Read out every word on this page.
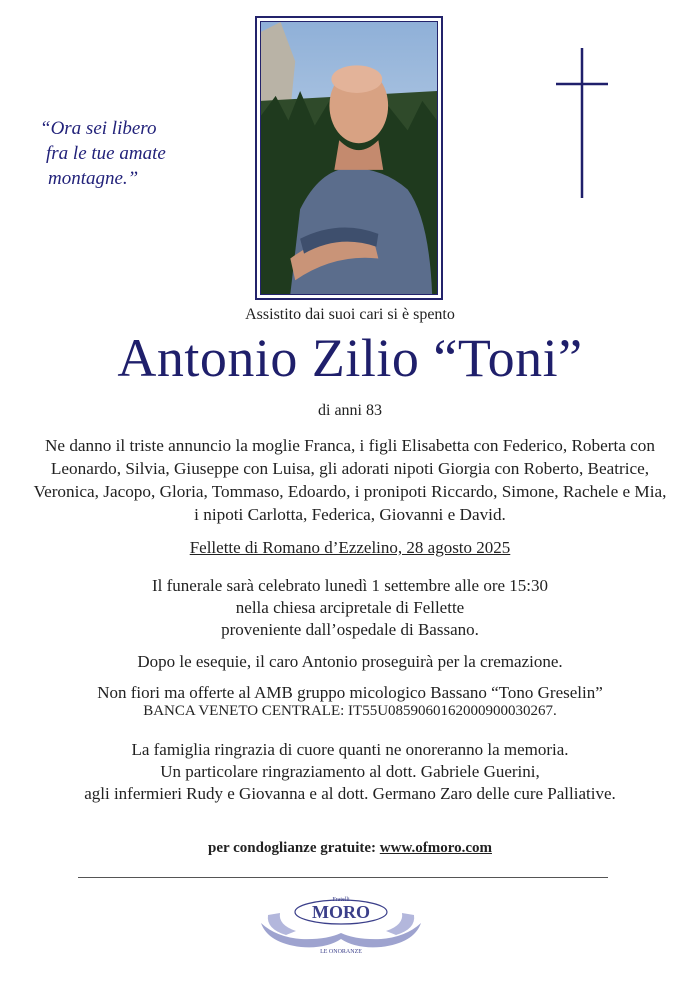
“Ora sei libero
fra le tue amate
montagne.”
Assistito dai suoi cari si è spento
Antonio Zilio “Toni”
di anni 83
Ne danno il triste annuncio la moglie Franca, i figli Elisabetta con Federico, Roberta con Leonardo, Silvia, Giuseppe con Luisa, gli adorati nipoti Giorgia con Roberto, Beatrice, Veronica, Jacopo, Gloria, Tommaso, Edoardo, i pronipoti Riccardo, Simone, Rachele e Mia, i nipoti Carlotta, Federica, Giovanni e David.
Fellette di Romano d’Ezzelino, 28 agosto 2025
Il funerale sarà celebrato lunedì 1 settembre alle ore 15:30
nella chiesa arcipretale di Fellette
proveniente dall’ospedale di Bassano.
Dopo le esequie, il caro Antonio proseguirà per la cremazione.
Non fiori ma offerte al AMB gruppo micologico Bassano “Tono Greselin”
BANCA VENETO CENTRALE: IT55U0859060162000900030267.
La famiglia ringrazia di cuore quanti ne onoreranno la memoria.
Un particolare ringraziamento al dott. Gabriele Guerini,
agli infermieri Rudy e Giovanna e al dott. Germano Zaro delle cure Palliative.
per condoglianze gratuite: www.ofmoro.com
Fratelli
MORO
LE ONORANZE
